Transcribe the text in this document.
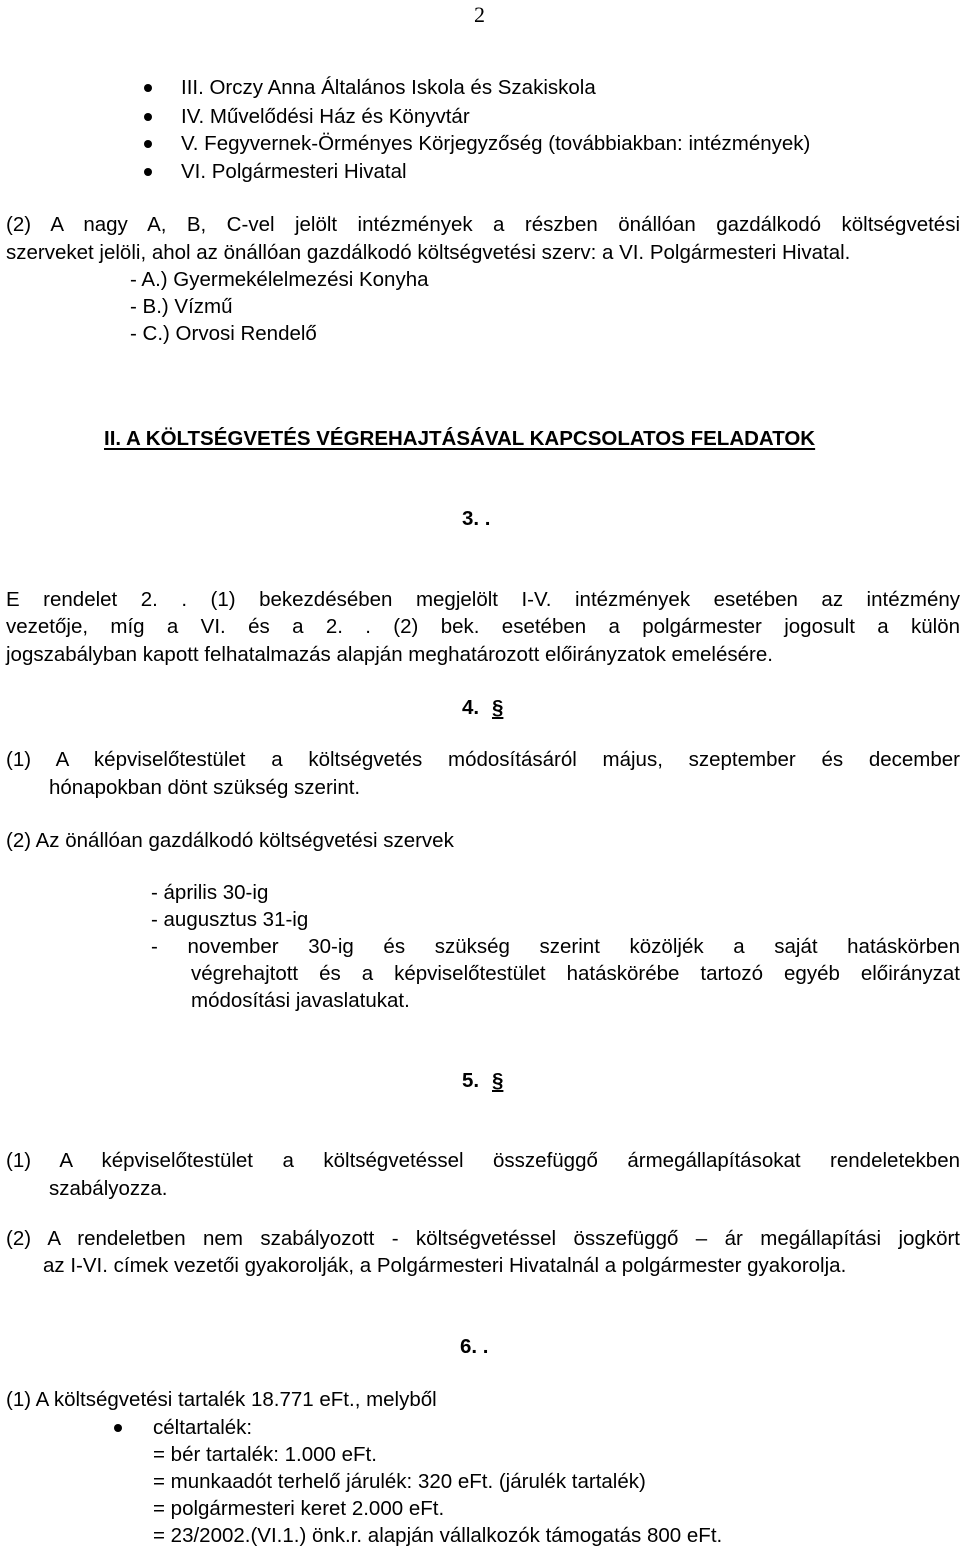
2
III. Orczy Anna Általános Iskola és Szakiskola
IV. Művelődési Ház és Könyvtár
V. Fegyvernek-Örményes Körjegyzőség (továbbiakban: intézmények)
VI. Polgármesteri Hivatal
(2) A nagy A, B, C-vel jelölt intézmények a részben önállóan gazdálkodó költségvetési
szerveket jelöli, ahol az önállóan gazdálkodó költségvetési szerv: a VI. Polgármesteri Hivatal.
- A.) Gyermekélelmezési Konyha
- B.) Vízmű
- C.) Orvosi Rendelő
II. A KÖLTSÉGVETÉS VÉGREHAJTÁSÁVAL KAPCSOLATOS FELADATOK
3. .
E rendelet 2. . (1) bekezdésében megjelölt I-V. intézmények esetében az intézmény
vezetője, míg a VI. és a 2. . (2) bek. esetében a polgármester jogosult a külön
jogszabályban kapott felhatalmazás alapján meghatározott előirányzatok emelésére.
4. §
(1) A képviselőtestület a költségvetés módosításáról május, szeptember és december
hónapokban dönt szükség szerint.
(2) Az önállóan gazdálkodó költségvetési szervek
- április 30-ig
- augusztus 31-ig
- november 30-ig és szükség szerint közöljék a saját hatáskörben
végrehajtott és a képviselőtestület hatáskörébe tartozó egyéb előirányzat
módosítási javaslatukat.
5. §
(1) A képviselőtestület a költségvetéssel összefüggő ármegállapításokat rendeletekben
szabályozza.
(2) A rendeletben nem szabályozott - költségvetéssel összefüggő – ár megállapítási jogkört
az I-VI. címek vezetői gyakorolják, a Polgármesteri Hivatalnál a polgármester gyakorolja.
6. .
(1) A költségvetési tartalék 18.771 eFt., melyből
céltartalék:
= bér tartalék: 1.000 eFt.
= munkaadót terhelő járulék: 320 eFt. (járulék tartalék)
= polgármesteri keret 2.000 eFt.
= 23/2002.(VI.1.) önk.r. alapján vállalkozók támogatás 800 eFt.
